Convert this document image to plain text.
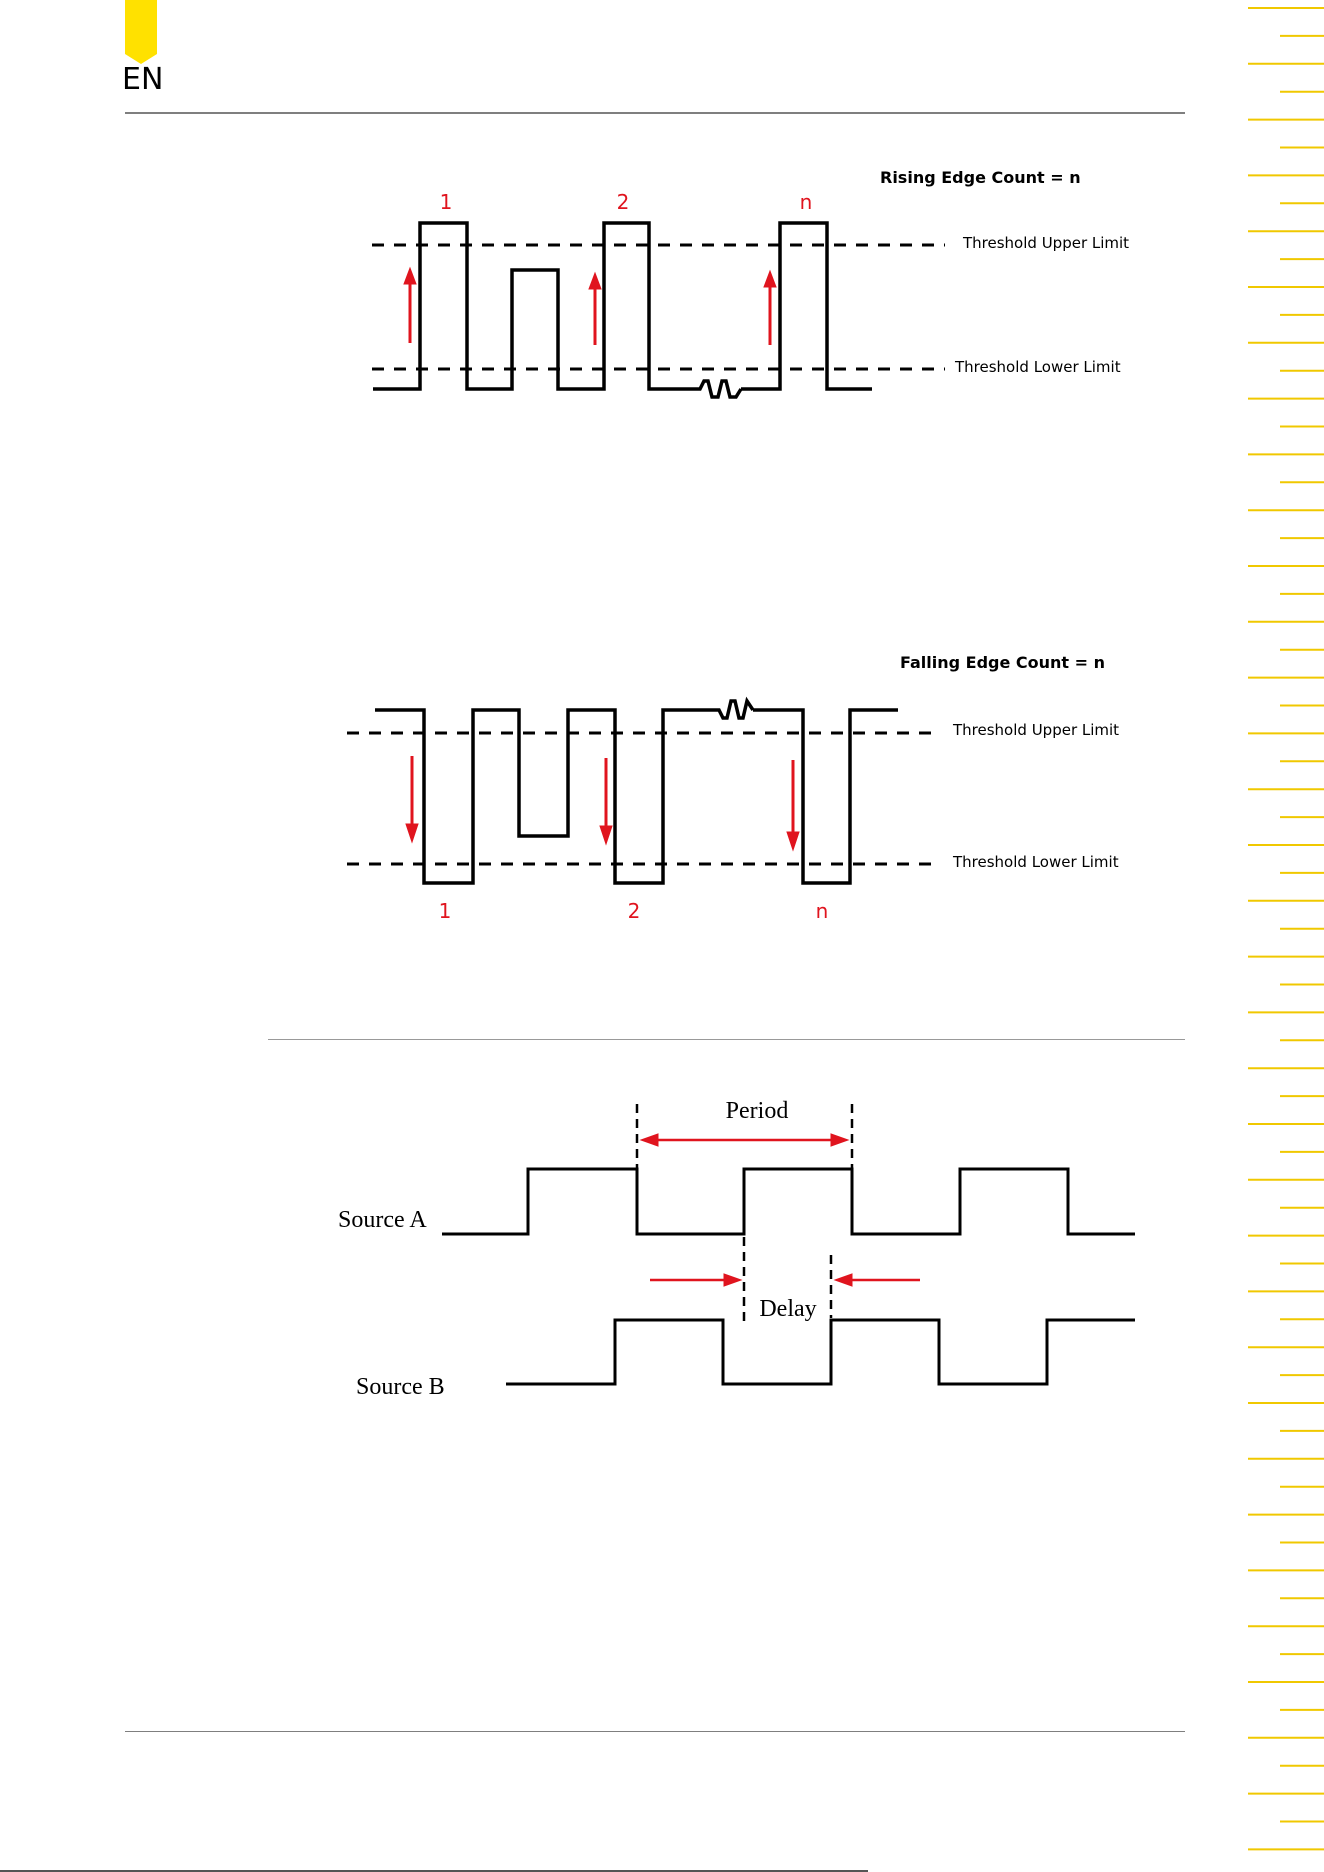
EN
1	2	n
Rising Edge Count = n
Threshold Upper Limit
Threshold Lower Limit
1	2	n
Falling Edge Count = n
Threshold Upper Limit
Threshold Lower Limit
Period
Delay
Source A
Source B
